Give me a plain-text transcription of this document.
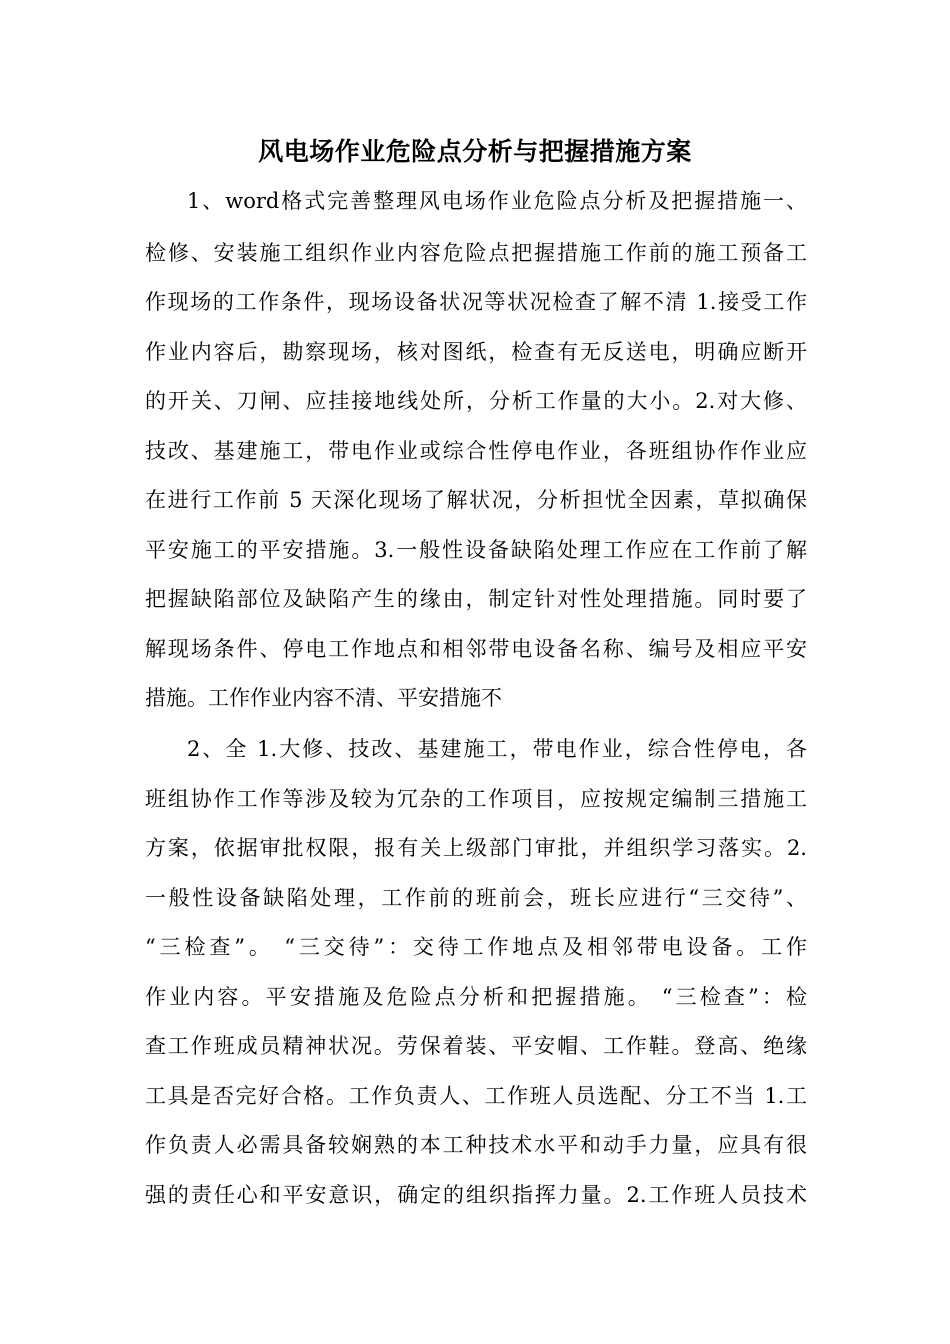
风电场作业危险点分析与把握措施方案

1、word格式完善整理风电场作业危险点分析及把握措施一、

检修、安装施工组织作业内容危险点把握措施工作前的施工预备工

作现场的工作条件，现场设备状况等状况检查了解不清 1.接受工作

作业内容后，勘察现场，核对图纸，检查有无反送电，明确应断开

的开关、刀闸、应挂接地线处所，分析工作量的大小。2.对大修、

技改、基建施工，带电作业或综合性停电作业，各班组协作作业应

在进行工作前 5 天深化现场了解状况，分析担忧全因素，草拟确保

平安施工的平安措施。3.一般性设备缺陷处理工作应在工作前了解

把握缺陷部位及缺陷产生的缘由，制定针对性处理措施。同时要了

解现场条件、停电工作地点和相邻带电设备名称、编号及相应平安

措施。工作作业内容不清、平安措施不

2、全 1.大修、技改、基建施工，带电作业，综合性停电，各

班组协作工作等涉及较为冗杂的工作项目，应按规定编制三措施工

方案，依据审批权限，报有关上级部门审批，并组织学习落实。2.

一般性设备缺陷处理，工作前的班前会，班长应进行“三交待”、

“三检查”。 “三交待”：交待工作地点及相邻带电设备。工作

作业内容。平安措施及危险点分析和把握措施。 “三检查”：检

查工作班成员精神状况。劳保着装、平安帽、工作鞋。登高、绝缘

工具是否完好合格。工作负责人、工作班人员选配、分工不当 1.工

作负责人必需具备较娴熟的本工种技术水平和动手力量，应具有很

强的责任心和平安意识，确定的组织指挥力量。2.工作班人员技术
